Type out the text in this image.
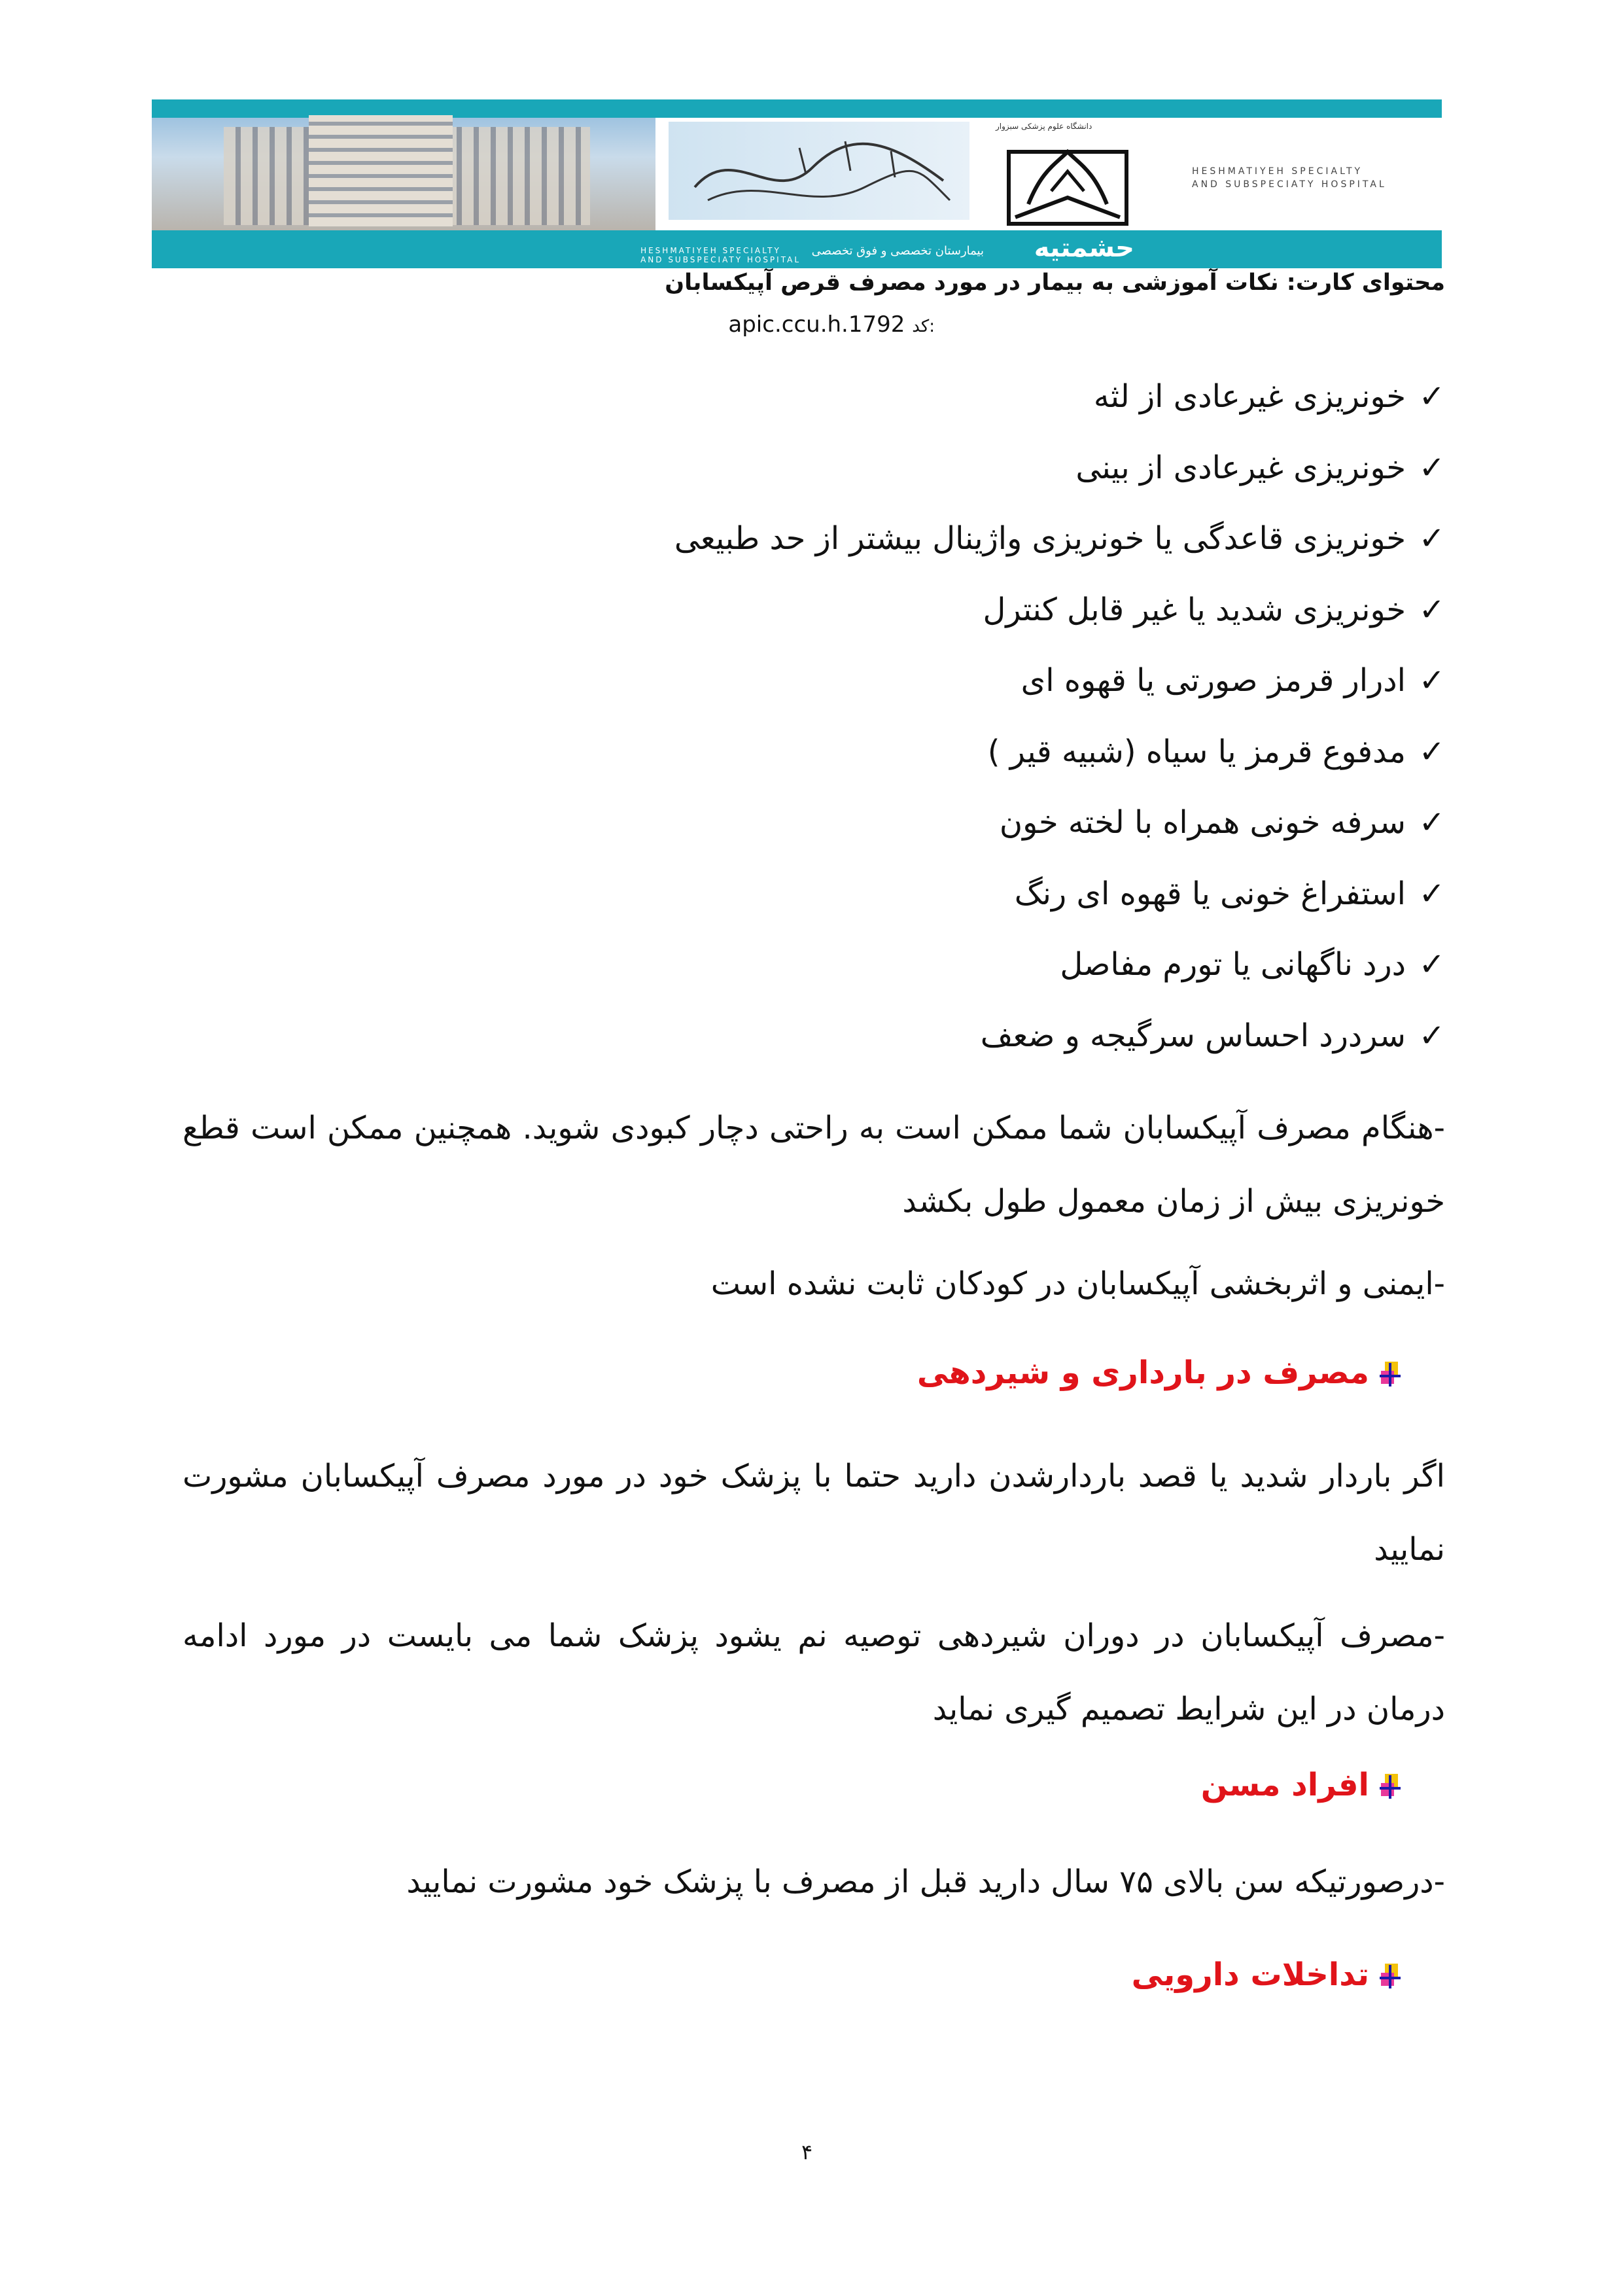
دانشگاه علوم پزشکی سبزوار
HESHMATIYEH SPECIALTY
AND SUBSPECIATY HOSPITAL
حشمتیه
بیمارستان تخصصی و فوق تخصصی
HESHMATIYEH SPECIALTY
AND SUBSPECIATY HOSPITAL
محتوای کارت: نکات آموزشی به بیمار در مورد مصرف قرص آپیکسابان
apic.ccu.h.1792 کد:
✓خونریزی غیرعادی از لثه
✓خونریزی غیرعادی از بینی
✓خونریزی قاعدگی یا خونریزی واژینال بیشتر از حد طبیعی
✓خونریزی شدید یا غیر قابل کنترل
✓ادرار قرمز صورتی یا قهوه ای
✓مدفوع قرمز یا سیاه (شبیه قیر )
✓سرفه خونی همراه با لخته خون
✓استفراغ خونی یا قهوه ای رنگ
✓درد ناگهانی یا تورم مفاصل
✓سردرد احساس سرگیجه و ضعف
-هنگام مصرف آپیکسابان شما ممکن است به راحتی دچار کبودی شوید. همچنین ممکن است قطع خونریزی بیش از زمان معمول طول بکشد
-ایمنی و اثربخشی آپیکسابان در کودکان ثابت نشده است
مصرف در بارداری و شیردهی
اگر باردار شدید یا قصد باردارشدن دارید حتما با پزشک خود در مورد مصرف آپیکسابان مشورت نمایید
-مصرف آپیکسابان در دوران شیردهی توصیه نم یشود پزشک شما می بایست در مورد ادامه درمان در این شرایط تصمیم گیری نماید
افراد مسن
-درصورتیکه سن بالای ۷۵ سال دارید قبل از مصرف با پزشک خود مشورت نمایید
تداخلات دارویی
۴
